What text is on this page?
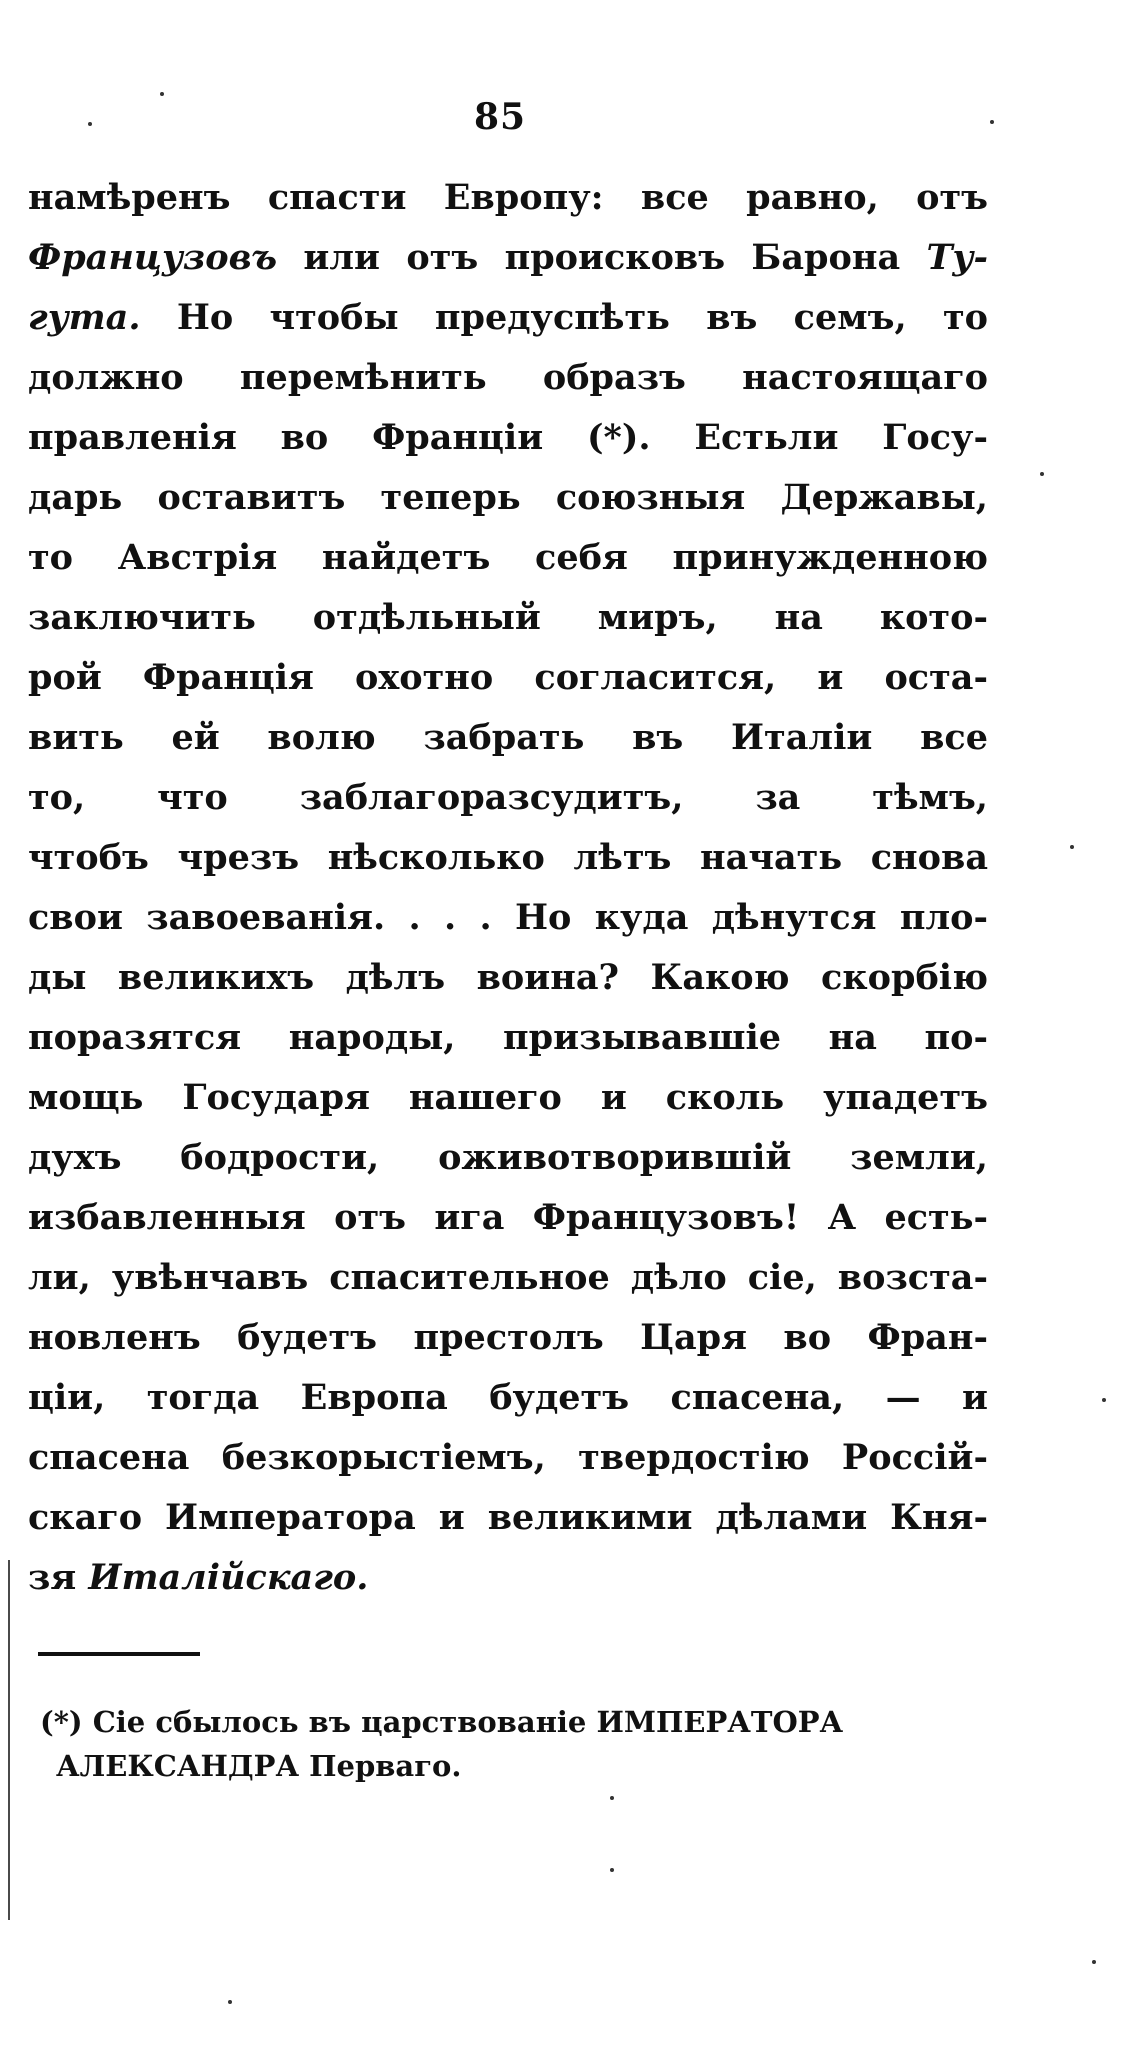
85
намѣренъ спасти Европу: все равно, отъ
Французовъ или отъ происковъ Барона Ту-
гута. Но чтобы предуспѣть въ семъ, то
должно перемѣнить образъ настоящаго
правленія во Франціи (*). Естьли Госу-
дарь оставитъ теперь союзныя Державы,
то Австрія найдетъ себя принужденною
заключить отдѣльный миръ, на кото-
рой Франція охотно согласится, и оста-
вить ей волю забрать въ Италіи все
то, что заблагоразсудитъ, за тѣмъ,
чтобъ чрезъ нѣсколько лѣтъ начать снова
свои завоеванія. . . . Но куда дѣнутся пло-
ды великихъ дѣлъ воина? Какою скорбію
поразятся народы, призывавшіе на по-
мощь Государя нашего и сколь упадетъ
духъ бодрости, оживотворившій земли,
избавленныя отъ ига Французовъ! А есть-
ли, увѣнчавъ спасительное дѣло сіе, возста-
новленъ будетъ престолъ Царя во Фран-
ціи, тогда Европа будетъ спасена, — и
спасена безкорыстіемъ, твердостію Россій-
скаго Императора и великими дѣлами Кня-
зя Италійскаго.
(*) Сіе сбылось въ царствованіе ИМПЕРАТОРА
АЛЕКСАНДРА Перваго.
